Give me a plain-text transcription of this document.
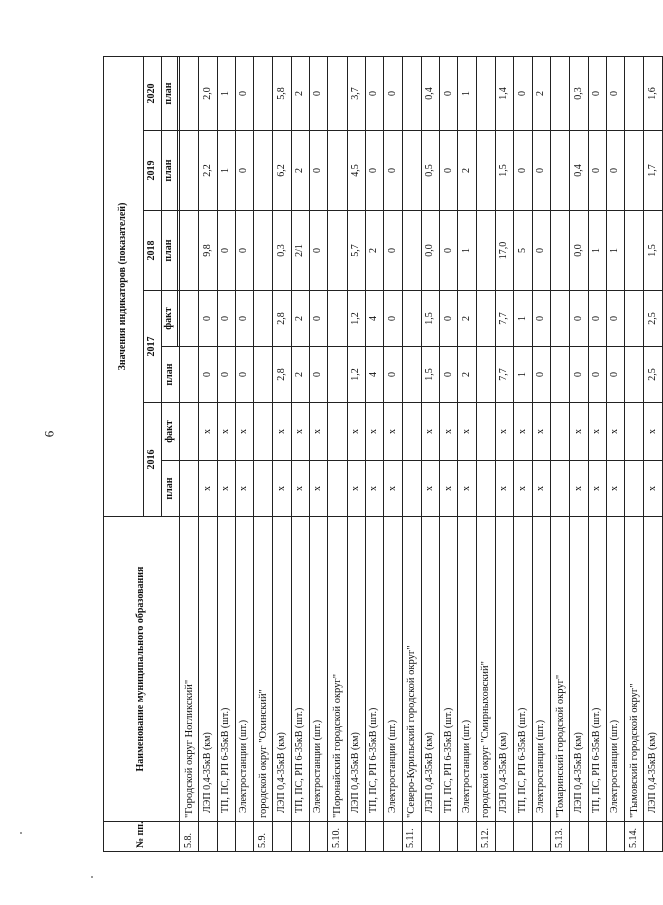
6
№ пп.	Наименование муниципального образования	Значения индикаторов (показателей)						
		2016		2017		2018	2019	2020
		план	факт	план	факт	план	план	план

5.8.	"Городской округ Ногликский"							
	ЛЭП 0,4-35кВ (км)	x	x	0	0	9,8	2,2	2,0
	ТП, ПС, РП 6-35кВ (шт.)	x	x	0	0	0	1	1
	Электростанции (шт.)	x	x	0	0	0	0	0
5.9.	городской округ "Охинский"							
	ЛЭП 0,4-35кВ (км)	x	x	2,8	2,8	0,3	6,2	5,8
	ТП, ПС, РП 6-35кВ (шт.)	x	x	2	2	2/1	2	2
	Электростанции (шт.)	x	x	0	0	0	0	0
5.10.	"Поронайский городской округ"							
	ЛЭП 0,4-35кВ (км)	x	x	1,2	1,2	5,7	4,5	3,7
	ТП, ПС, РП 6-35кВ (шт.)	x	x	4	4	2	0	0
	Электростанции (шт.)	x	x	0	0	0	0	0
5.11.	"Северо-Курильский городской округ"							
	ЛЭП 0,4-35кВ (км)	x	x	1,5	1,5	0,0	0,5	0,4
	ТП, ПС, РП 6-35кВ (шт.)	x	x	0	0	0	0	0
	Электростанции (шт.)	x	x	2	2	1	2	1
5.12.	городской округ "Смирныховский"							
	ЛЭП 0,4-35кВ (км)	x	x	7,7	7,7	17,0	1,5	1,4
	ТП, ПС, РП 6-35кВ (шт.)	x	x	1	1	5	0	0
	Электростанции (шт.)	x	x	0	0	0	0	2
5.13.	"Томаринский городской округ"							
	ЛЭП 0,4-35кВ (км)	x	x	0	0	0,0	0,4	0,3
	ТП, ПС, РП 6-35кВ (шт.)	x	x	0	0	1	0	0
	Электростанции (шт.)	x	x	0	0	1	0	0
5.14.	"Тымовский городской округ"							
	ЛЭП 0,4-35кВ (км)	x	x	2,5	2,5	1,5	1,7	1,6
